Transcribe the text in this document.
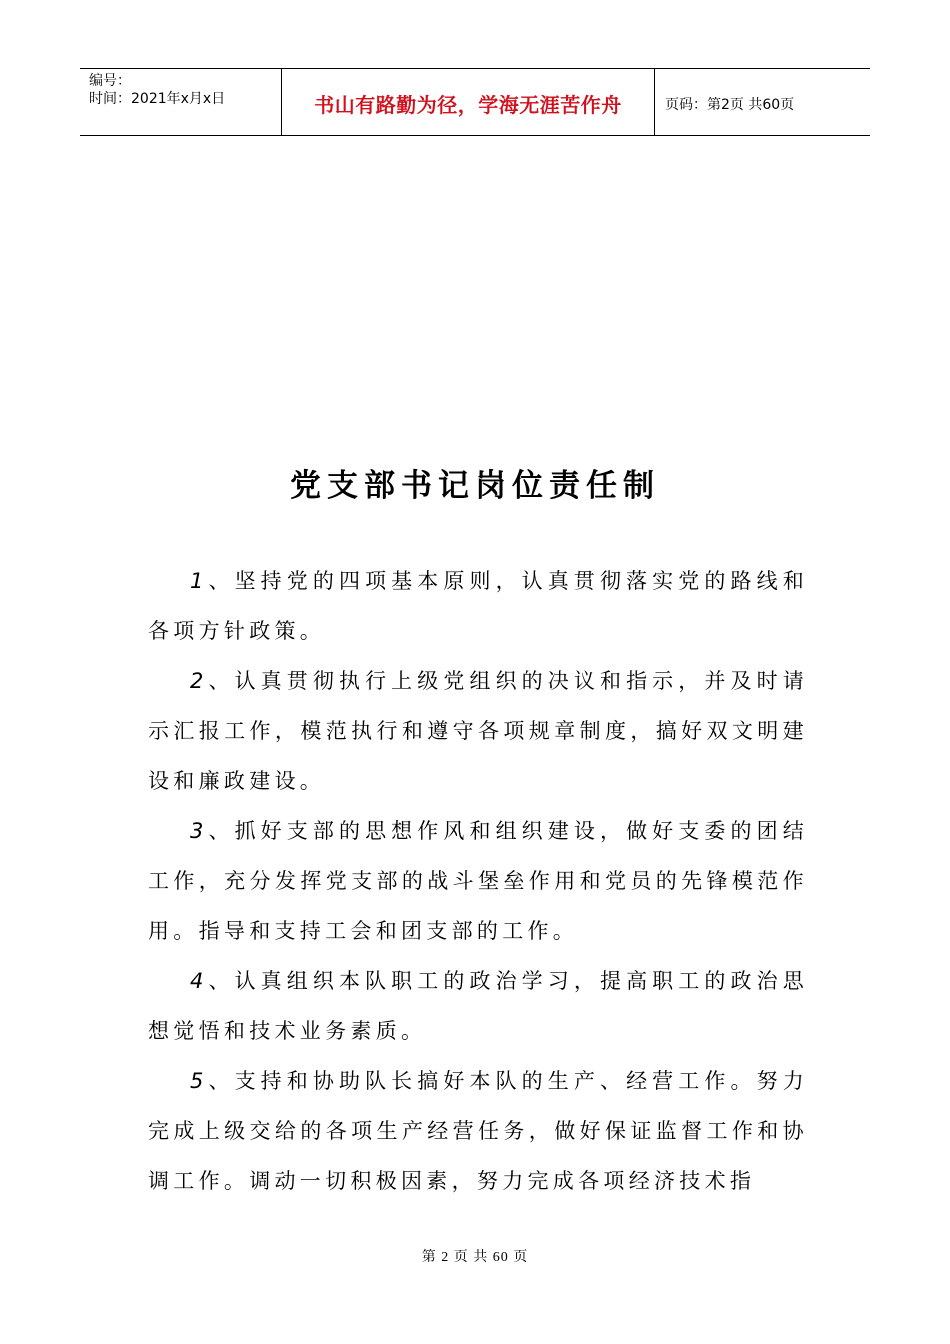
编号：
时间：2021年x月x日	书山有路勤为径，学海无涯苦作舟	页码：第2页 共60页
党支部书记岗位责任制

1、坚持党的四项基本原则，认真贯彻落实党的路线和各项方针政策。

2、认真贯彻执行上级党组织的决议和指示，并及时请示汇报工作，模范执行和遵守各项规章制度，搞好双文明建设和廉政建设。

3、抓好支部的思想作风和组织建设，做好支委的团结工作，充分发挥党支部的战斗堡垒作用和党员的先锋模范作用。指导和支持工会和团支部的工作。

4、认真组织本队职工的政治学习，提高职工的政治思想觉悟和技术业务素质。

5、支持和协助队长搞好本队的生产、经营工作。努力完成上级交给的各项生产经营任务，做好保证监督工作和协调工作。调动一切积极因素，努力完成各项经济技术指

第 2 页 共 60 页
